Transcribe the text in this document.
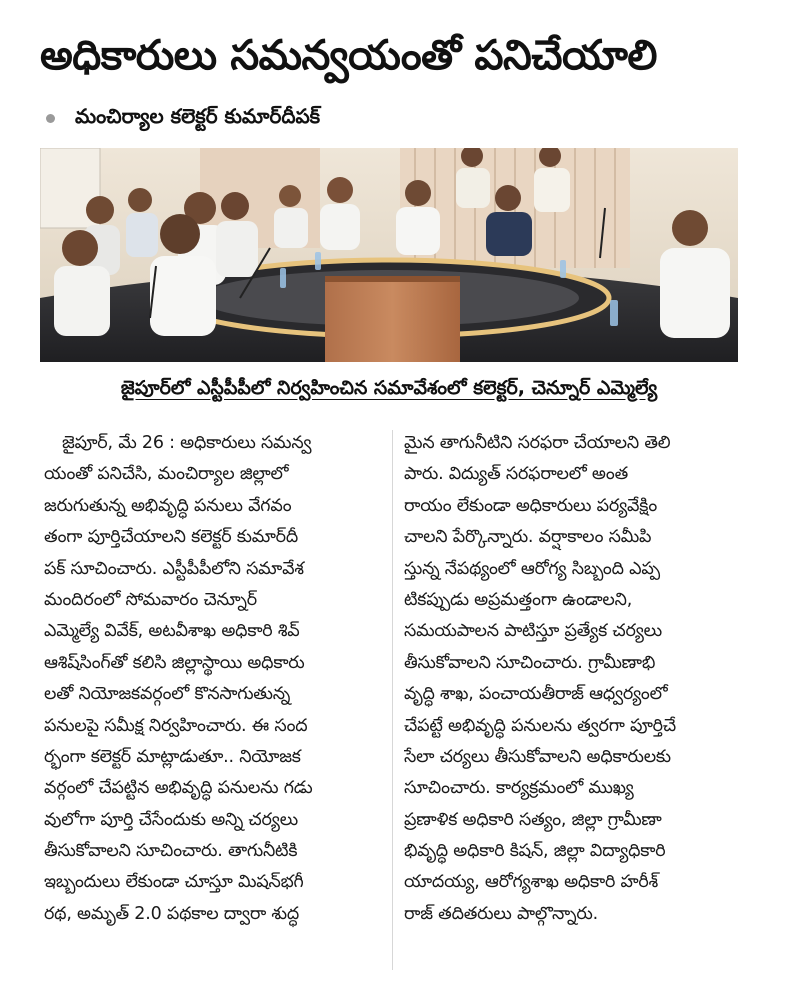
అధికారులు సమన్వయంతో పనిచేయాలి
మంచిర్యాల కలెక్టర్ కుమార్‌దీపక్
జైపూర్‌లో ఎస్టీపీపీలో నిర్వహించిన సమావేశంలో కలెక్టర్, చెన్నూర్ ఎమ్మెల్యే
జైపూర్, మే 26 : అధికారులు సమన్వ
యంతో పనిచేసి, మంచిర్యాల జిల్లాలో
జరుగుతున్న అభివృద్ధి పనులు వేగవం
తంగా పూర్తిచేయాలని కలెక్టర్ కుమార్‌దీ
పక్ సూచించారు. ఎస్టీపీపీలోని సమావేశ
మందిరంలో సోమవారం చెన్నూర్
ఎమ్మెల్యే వివేక్, అటవీశాఖ అధికారి శివ్
ఆశిష్‌సింగ్‌తో కలిసి జిల్లాస్థాయి అధికారు
లతో నియోజకవర్గంలో కొనసాగుతున్న
పనులపై సమీక్ష నిర్వహించారు. ఈ సంద
ర్భంగా కలెక్టర్ మాట్లాడుతూ.. నియోజక
వర్గంలో చేపట్టిన అభివృద్ధి పనులను గడు
వులోగా పూర్తి చేసేందుకు అన్ని చర్యలు
తీసుకోవాలని సూచించారు. తాగునీటికి
ఇబ్బందులు లేకుండా చూస్తూ మిషన్‌భగీ
రథ, అమృత్ 2.0 పథకాల ద్వారా శుద్ధ
మైన తాగునీటిని సరఫరా చేయాలని తెలి
పారు. విద్యుత్ సరఫరాలలో అంత
రాయం లేకుండా అధికారులు పర్యవేక్షిం
చాలని పేర్కొన్నారు. వర్షాకాలం సమీపి
స్తున్న నేపథ్యంలో ఆరోగ్య సిబ్బంది ఎప్ప
టికప్పుడు అప్రమత్తంగా ఉండాలని,
సమయపాలన పాటిస్తూ ప్రత్యేక చర్యలు
తీసుకోవాలని సూచించారు. గ్రామీణాభి
వృద్ధి శాఖ, పంచాయతీరాజ్ ఆధ్వర్యంలో
చేపట్టే అభివృద్ధి పనులను త్వరగా పూర్తిచే
సేలా చర్యలు తీసుకోవాలని అధికారులకు
సూచించారు. కార్యక్రమంలో ముఖ్య
ప్రణాళిక అధికారి సత్యం, జిల్లా గ్రామీణా
భివృద్ధి అధికారి కిషన్, జిల్లా విద్యాధికారి
యాదయ్య, ఆరోగ్యశాఖ అధికారి హరీశ్
రాజ్ తదితరులు పాల్గొన్నారు.
